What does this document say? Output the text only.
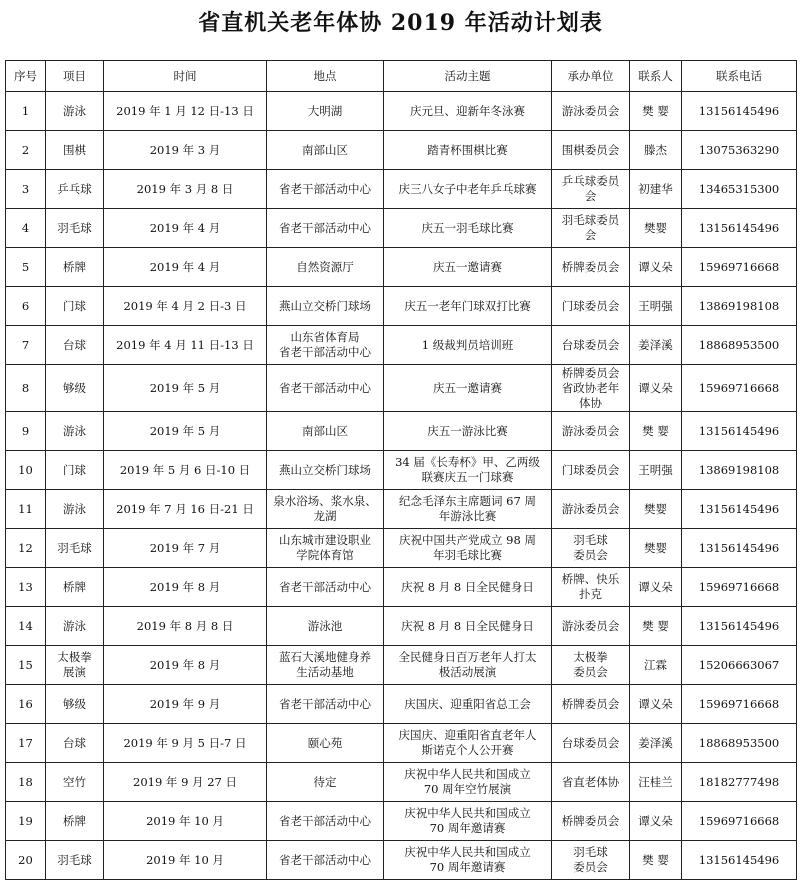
省直机关老年体协 2019 年活动计划表
序号	项目	时间	地点	活动主题	承办单位	联系人	联系电话
1	游泳	2019 年 1 月 12 日-13 日	大明湖	庆元旦、迎新年冬泳赛	游泳委员会	樊 婴	13156145496
2	围棋	2019 年 3 月	南部山区	踏青杯围棋比赛	围棋委员会	滕杰	13075363290
3	乒乓球	2019 年 3 月 8 日	省老干部活动中心	庆三八女子中老年乒乓球赛	乒乓球委员
会	初建华	13465315300
4	羽毛球	2019 年 4 月	省老干部活动中心	庆五一羽毛球比赛	羽毛球委员
会	樊婴	13156145496
5	桥牌	2019 年 4 月	自然资源厅	庆五一邀请赛	桥牌委员会	谭义朵	15969716668
6	门球	2019 年 4 月 2 日-3 日	燕山立交桥门球场	庆五一老年门球双打比赛	门球委员会	王明强	13869198108
7	台球	2019 年 4 月 11 日-13 日	山东省体育局
省老干部活动中心	1 级裁判员培训班	台球委员会	姜泽溪	18868953500
8	够级	2019 年 5 月	省老干部活动中心	庆五一邀请赛	桥牌委员会
省政协老年
体协	谭义朵	15969716668
9	游泳	2019 年 5 月	南部山区	庆五一游泳比赛	游泳委员会	樊 婴	13156145496
10	门球	2019 年 5 月 6 日-10 日	燕山立交桥门球场	34 届《长寿杯》甲、乙两级
联赛庆五一门球赛	门球委员会	王明强	13869198108
11	游泳	2019 年 7 月 16 日-21 日	泉水浴场、浆水泉、
龙湖	纪念毛泽东主席题词 67 周
年游泳比赛	游泳委员会	樊婴	13156145496
12	羽毛球	2019 年 7 月	山东城市建设职业
学院体育馆	庆祝中国共产党成立 98 周
年羽毛球比赛	羽毛球
委员会	樊婴	13156145496
13	桥牌	2019 年 8 月	省老干部活动中心	庆祝 8 月 8 日全民健身日	桥牌、快乐
扑克	谭义朵	15969716668
14	游泳	2019 年 8 月 8 日	游泳池	庆祝 8 月 8 日全民健身日	游泳委员会	樊 婴	13156145496
15	太极拳
展演	2019 年 8 月	蓝石大溪地健身养
生活动基地	全民健身日百万老年人打太
极活动展演	太极拳
委员会	江霖	15206663067
16	够级	2019 年 9 月	省老干部活动中心	庆国庆、迎重阳省总工会	桥牌委员会	谭义朵	15969716668
17	台球	2019 年 9 月 5 日-7 日	颐心苑	庆国庆、迎重阳省直老年人
斯诺克个人公开赛	台球委员会	姜泽溪	18868953500
18	空竹	2019 年 9 月 27 日	待定	庆祝中华人民共和国成立
70 周年空竹展演	省直老体协	汪桂兰	18182777498
19	桥牌	2019 年 10 月	省老干部活动中心	庆祝中华人民共和国成立
70 周年邀请赛	桥牌委员会	谭义朵	15969716668
20	羽毛球	2019 年 10 月	省老干部活动中心	庆祝中华人民共和国成立
70 周年邀请赛	羽毛球
委员会	樊 婴	13156145496
